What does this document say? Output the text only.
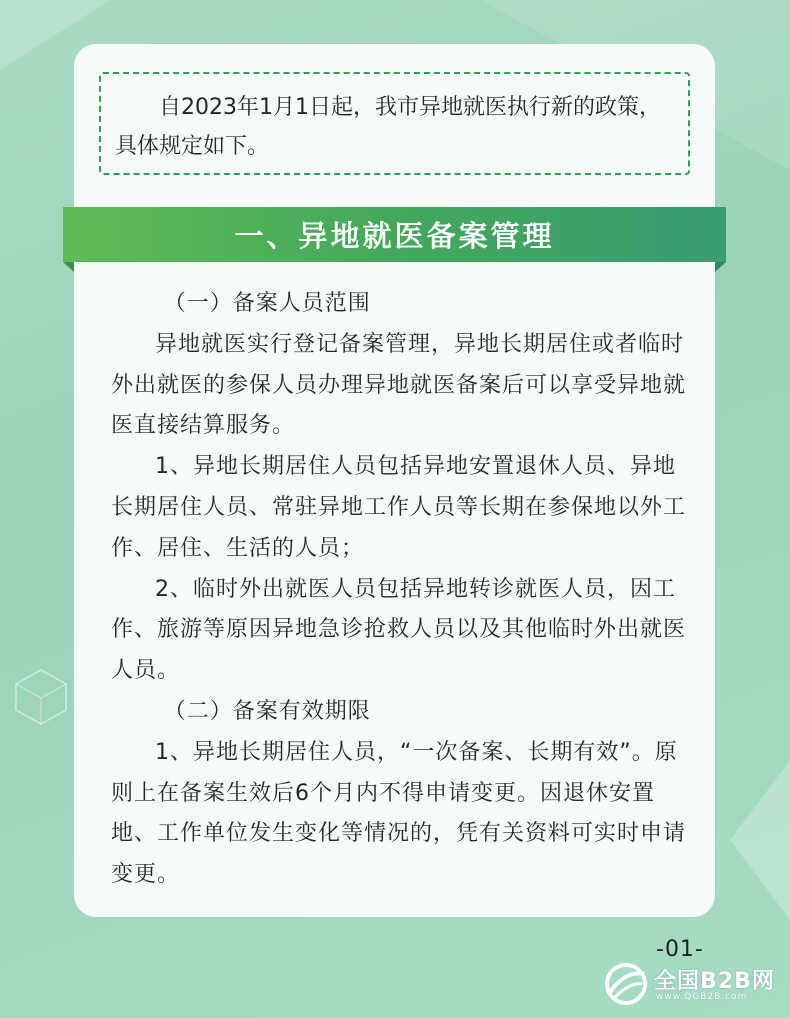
自2023年1月1日起，我市异地就医执行新的政策，具体规定如下。

一、异地就医备案管理

（一）备案人员范围

异地就医实行登记备案管理，异地长期居住或者临时外出就医的参保人员办理异地就医备案后可以享受异地就医直接结算服务。

1、异地长期居住人员包括异地安置退休人员、异地长期居住人员、常驻异地工作人员等长期在参保地以外工作、居住、生活的人员；

2、临时外出就医人员包括异地转诊就医人员，因工作、旅游等原因异地急诊抢救人员以及其他临时外出就医人员。

（二）备案有效期限

1、异地长期居住人员，“一次备案、长期有效”。原则上在备案生效后6个月内不得申请变更。因退休安置地、工作单位发生变化等情况的，凭有关资料可实时申请变更。

-01-
全国B2B网
www.QGB2B.com
